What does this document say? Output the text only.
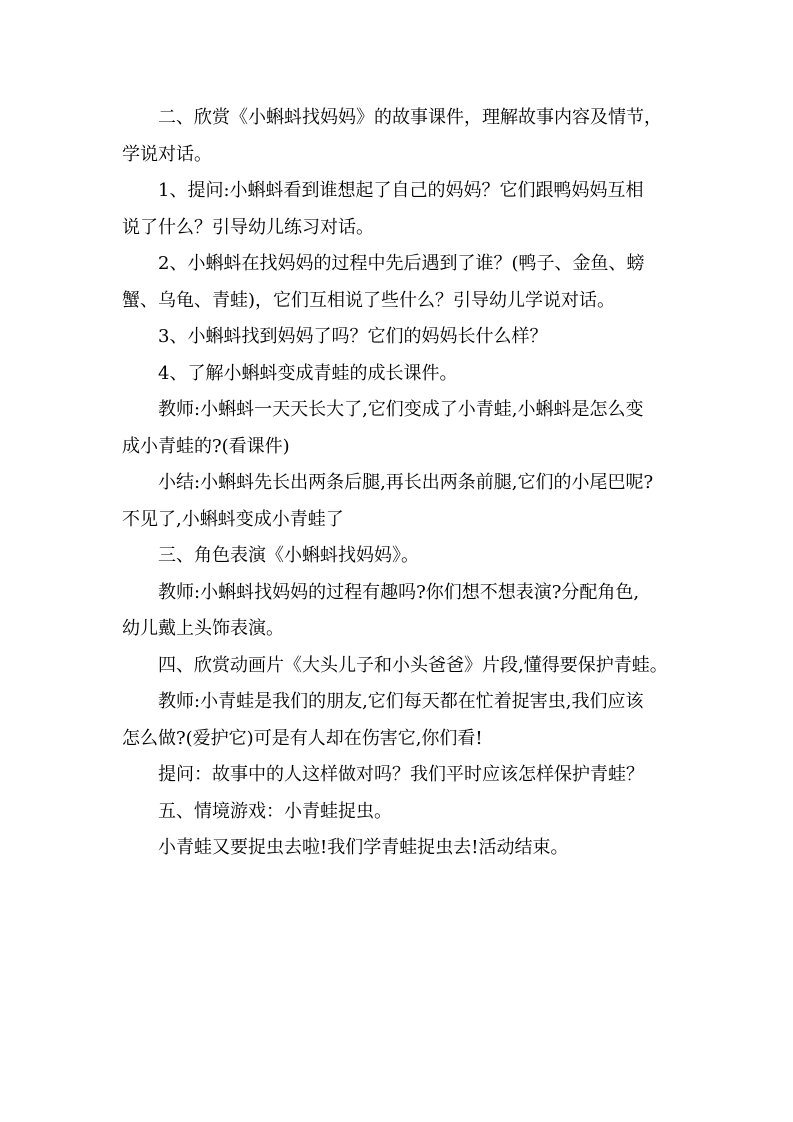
二、欣赏《小蝌蚪找妈妈》的故事课件，理解故事内容及情节，
学说对话。

1、提问:小蝌蚪看到谁想起了自己的妈妈？它们跟鸭妈妈互相
说了什么？引导幼儿练习对话。

2、小蝌蚪在找妈妈的过程中先后遇到了谁？(鸭子、金鱼、螃
蟹、乌龟、青蛙)，它们互相说了些什么？引导幼儿学说对话。

3、小蝌蚪找到妈妈了吗？它们的妈妈长什么样？

4、了解小蝌蚪变成青蛙的成长课件。

教师:小蝌蚪一天天长大了,它们变成了小青蛙,小蝌蚪是怎么变
成小青蛙的?(看课件)

小结:小蝌蚪先长出两条后腿,再长出两条前腿,它们的小尾巴呢?
不见了,小蝌蚪变成小青蛙了

三、角色表演《小蝌蚪找妈妈》。

教师:小蝌蚪找妈妈的过程有趣吗?你们想不想表演?分配角色,
幼儿戴上头饰表演。

四、欣赏动画片《大头儿子和小头爸爸》片段,懂得要保护青蛙。

教师:小青蛙是我们的朋友,它们每天都在忙着捉害虫,我们应该
怎么做?(爱护它)可是有人却在伤害它,你们看!

提问：故事中的人这样做对吗？我们平时应该怎样保护青蛙？

五、情境游戏：小青蛙捉虫。

小青蛙又要捉虫去啦!我们学青蛙捉虫去!活动结束。
